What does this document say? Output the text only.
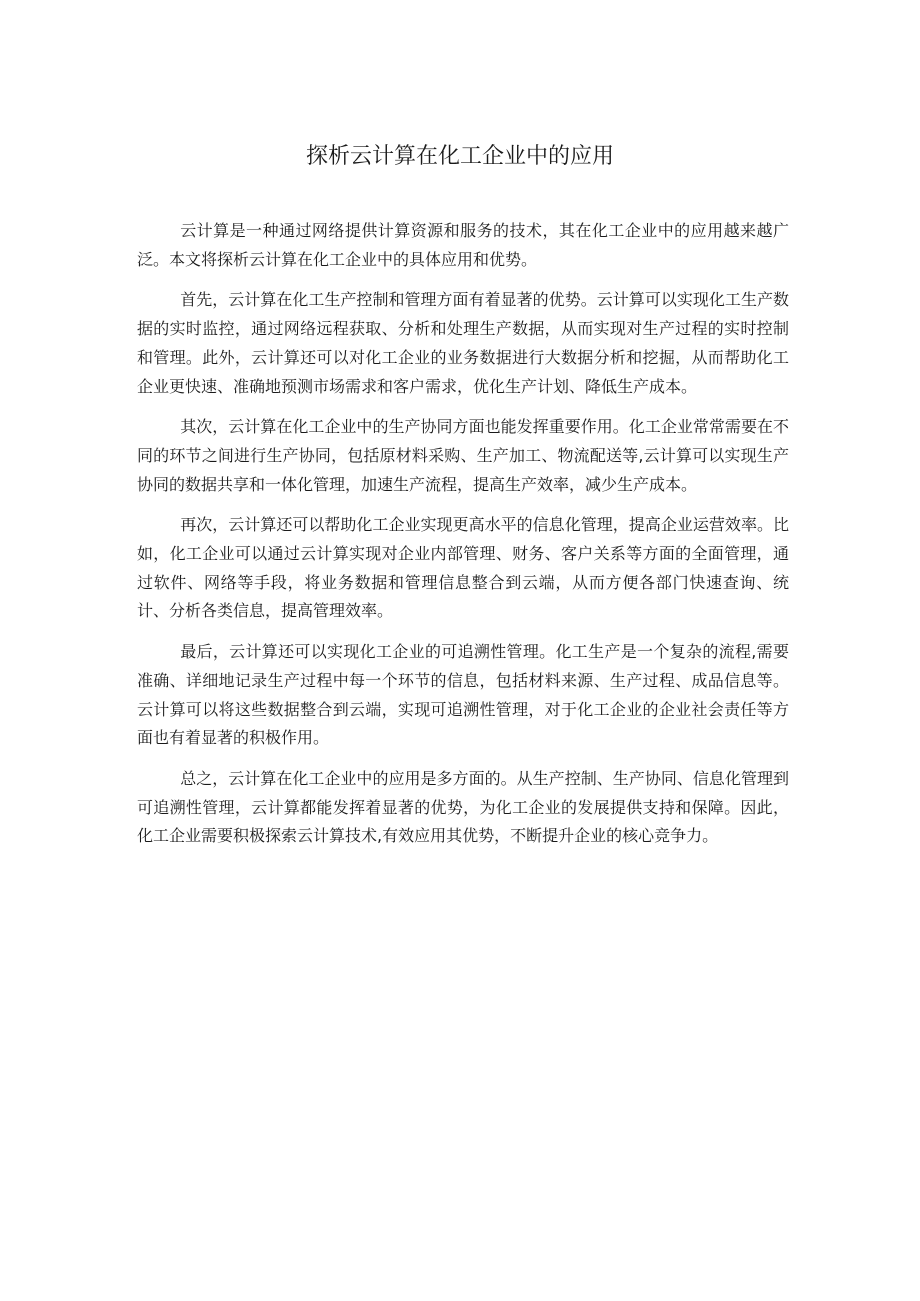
探析云计算在化工企业中的应用

云计算是一种通过网络提供计算资源和服务的技术，其在化工企业中的应用越来越广泛。本文将探析云计算在化工企业中的具体应用和优势。

首先，云计算在化工生产控制和管理方面有着显著的优势。云计算可以实现化工生产数据的实时监控，通过网络远程获取、分析和处理生产数据，从而实现对生产过程的实时控制和管理。此外，云计算还可以对化工企业的业务数据进行大数据分析和挖掘，从而帮助化工企业更快速、准确地预测市场需求和客户需求，优化生产计划、降低生产成本。

其次，云计算在化工企业中的生产协同方面也能发挥重要作用。化工企业常常需要在不同的环节之间进行生产协同，包括原材料采购、生产加工、物流配送等,云计算可以实现生产协同的数据共享和一体化管理，加速生产流程，提高生产效率，减少生产成本。

再次，云计算还可以帮助化工企业实现更高水平的信息化管理，提高企业运营效率。比如，化工企业可以通过云计算实现对企业内部管理、财务、客户关系等方面的全面管理，通过软件、网络等手段，将业务数据和管理信息整合到云端，从而方便各部门快速查询、统计、分析各类信息，提高管理效率。

最后，云计算还可以实现化工企业的可追溯性管理。化工生产是一个复杂的流程,需要准确、详细地记录生产过程中每一个环节的信息，包括材料来源、生产过程、成品信息等。云计算可以将这些数据整合到云端，实现可追溯性管理，对于化工企业的企业社会责任等方面也有着显著的积极作用。

总之，云计算在化工企业中的应用是多方面的。从生产控制、生产协同、信息化管理到可追溯性管理，云计算都能发挥着显著的优势，为化工企业的发展提供支持和保障。因此，化工企业需要积极探索云计算技术,有效应用其优势，不断提升企业的核心竞争力。
